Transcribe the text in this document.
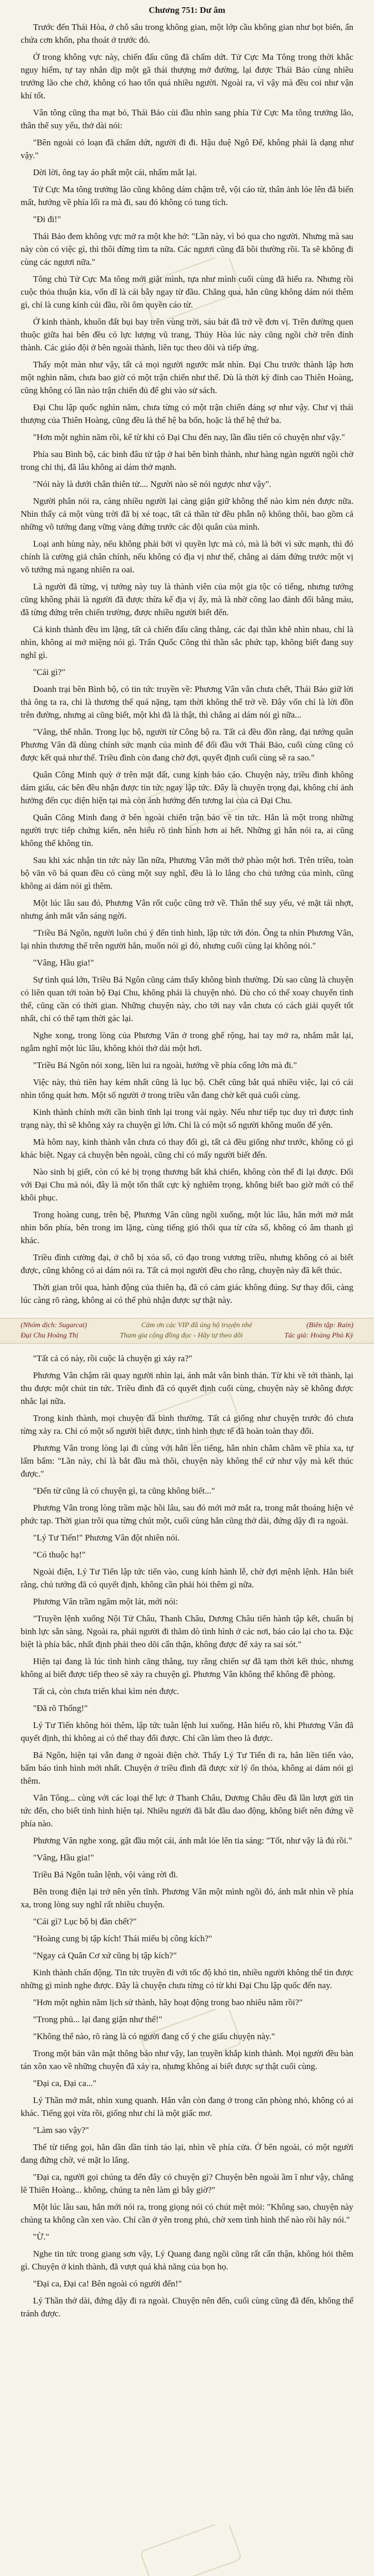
Chương 751: Dư âm

Trước đến Thái Hòa, ở chỗ sâu trong không gian, một lớp cầu không gian như bọt biển, ẩn chứa cơn khốn, pha thoát ở trước đó.

Ở trong không vực này, chiến đấu cũng đã chấm dứt. Tử Cực Ma Tông trong thời khắc nguy hiểm, tự tay nhân dịp một gã thái thượng mở đường, lại được Thái Bảo cùng nhiều trưởng lão che chở, không có hao tổn quá nhiều người. Ngoài ra, vì vậy mà đều coi như vận khí tốt.

Vân tông cũng tha mạt bỏ, Thái Bảo cùi đầu nhìn sang phía Tử Cực Ma tông trưởng lão, thân thể suy yếu, thở dài nói:

"Bên ngoài có loạn đã chấm dứt, người đi đi. Hậu duệ Ngô Đế, không phải là dạng như vậy."

Dời lời, ông tay áo phất một cái, nhấm mắt lại.

Tử Cực Ma tông trưởng lão cũng không dám chậm trễ, vội cáo từ, thân ảnh lóe lên đã biến mất, hướng về phía lối ra mà đi, sau đó không có tung tích.

"Đi đi!"

Thái Bảo đem không vực mở ra một khe hở: "Lần này, vì bỏ qua cho người. Nhưng mà sau này còn có việc gì, thì thôi đừng tìm ta nữa. Các ngươi cũng đã bồi thường rồi. Ta sẽ không đi cùng các ngươi nữa."

Tông chủ Tử Cực Ma tông mới giật mình, tựa như mình cuối cùng đã hiểu ra. Nhưng rồi cuộc thỏa thuận kia, vốn dĩ là cái bẫy ngay từ đầu. Chẳng qua, hắn cũng không dám nói thêm gì, chỉ là cung kính cúi đầu, rồi ôm quyền cáo từ.

Ở kinh thành, khuôn đất bụi bay trên vùng trời, sáu bát đã trở về đơn vị. Trên đường quen thuộc giữa hai bên đều có lực lượng vũ trang, Thủy Hòa lúc này cũng ngồi chờ trên đỉnh thành. Các giáo đội ở bên ngoài thành, liên tục theo dõi và tiếp ứng.

Thấy một màn như vậy, tất cả mọi người ngước mắt nhìn. Đại Chu trước thành lập hơn một nghìn năm, chưa bao giờ có một trận chiến như thế. Dù là thời kỳ đỉnh cao Thiên Hoàng, cũng không có lần nào trận chiến đủ để ghi vào sử sách.

Đại Chu lập quốc nghìn năm, chưa từng có một trận chiến đáng sợ như vậy. Chư vị thái thượng của Thiên Hoàng, cũng đều là thế hệ ba bốn, hoặc là thế hệ thứ ba.

"Hơn một nghìn năm rồi, kể từ khi có Đại Chu đến nay, lần đầu tiên có chuyện như vậy."

Phía sau Bình bộ, các binh đâu tử tập ở hai bên bình thành, như hàng ngàn người ngồi chờ trong chỉ thị, đã lâu không ai dám thở mạnh.

"Nói này là dưới chân thiên tử.... Người nào sẽ nói ngược như vậy".

Người phân nói ra, càng nhiều người lại càng giận giữ không thể nào kìm nén được nữa. Nhìn thấy cả một vùng trời đã bị xé toạc, tất cả thần tử đều phẫn nộ không thôi, bao gồm cả những võ tướng đang vững vàng đứng trước các đội quân của mình.

Loại anh hùng này, nếu không phải bởi vì quyền lực mà có, mà là bởi vì sức mạnh, thì đó chính là cường giả chân chính, nếu không có địa vị như thế, chẳng ai dám đứng trước một vị võ tướng mà ngang nhiên ra oai.

Là người đã từng, vị tướng này tuy là thành viên của một gia tộc có tiếng, nhưng tướng cũng không phải là người đã được thừa kế địa vị ấy, mà là nhờ công lao đánh đổi bằng máu, đã từng đứng trên chiến trường, được nhiều người biết đến.

Cả kinh thành đều im lặng, tất cả chiến đấu căng thẳng, các đại thần khẽ nhìn nhau, chỉ là nhìn, không ai mở miệng nói gì. Trấn Quốc Công thì thần sắc phức tạp, không biết đang suy nghĩ gì.

"Cái gì?"

Doanh trại bên Bình bộ, có tin tức truyền về: Phương Vân vẫn chưa chết, Thái Bảo giữ lời thả ông ta ra, chỉ là thương thế quá nặng, tạm thời không thể trở về. Đây vốn chỉ là lời đồn trên đường, nhưng ai cũng biết, một khi đã là thật, thì chẳng ai dám nói gì nữa...

"Vâng, thế nhân. Trong lục bộ, người từ Công bộ ra. Tất cả đều đồn rằng, đại tướng quân Phương Vân đã dùng chính sức mạnh của mình để đối đầu với Thái Bảo, cuối cùng cũng có được kết quả như thế. Triều đình còn đang chờ đợi, quyết định cuối cùng sẽ ra sao."

Quân Công Minh quỳ ở trên mặt đất, cung kính báo cáo. Chuyện này, triều đình không dám giấu, các bên đều nhận được tin tức ngay lập tức. Đây là chuyện trọng đại, không chỉ ảnh hưởng đến cục diện hiện tại mà còn ảnh hưởng đến tương lai của cả Đại Chu.

Quân Công Minh đang ở bên ngoài chiến trận báo về tin tức. Hắn là một trong những người trực tiếp chứng kiến, nên hiểu rõ tình hình hơn ai hết. Những gì hắn nói ra, ai cũng không thể không tin.

Sau khi xác nhận tin tức này lần nữa, Phương Vân mới thở phào một hơi. Trên triều, toàn bộ văn võ bá quan đều có cùng một suy nghĩ, đều là lo lắng cho chủ tướng của mình, cũng không ai dám nói gì thêm.

Một lúc lâu sau đó, Phương Vân rốt cuộc cũng trở về. Thân thể suy yếu, vẻ mặt tái nhợt, nhưng ánh mắt vẫn sáng ngời.

"Triều Bá Ngôn, người luôn chú ý đến tình hình, lập tức tới đón. Ông ta nhìn Phương Vân, lại nhìn thương thế trên người hắn, muốn nói gì đó, nhưng cuối cùng lại không nói."

"Vâng, Hầu gia!"

Sự tình quá lớn, Triều Bá Ngôn cũng cảm thấy không bình thường. Dù sao cũng là chuyện có liên quan tới toàn bộ Đại Chu, không phải là chuyện nhỏ. Dù cho có thể xoay chuyển tình thế, cũng cần có thời gian. Những chuyện này, cho tới nay vẫn chưa có cách giải quyết tốt nhất, chỉ có thể tạm thời gác lại.

Nghe xong, trong lòng của Phương Vân ở trong ghế rộng, hai tay mở ra, nhắm mắt lại, ngẫm nghĩ một lúc lâu, không khỏi thở dài một hơi.

"Triều Bá Ngôn nói xong, liền lui ra ngoài, hướng về phía cổng lớn mà đi."

Việc này, thủ tiên hay kém nhất cũng là lục bộ. Chết cũng bắt quá nhiều việc, lại có cái nhìn tổng quát hơn. Một số người ở trong triều vẫn đang chờ kết quả cuối cùng.

Kinh thành chính mới cần bình tĩnh lại trong vài ngày. Nếu như tiếp tục duy trì được tình trạng này, thì sẽ không xảy ra chuyện gì lớn. Chỉ là có một số người không muốn để yên.

Mà hôm nay, kinh thành vẫn chưa có thay đổi gì, tất cả đều giống như trước, không có gì khác biệt. Ngay cả chuyện bên ngoài, cũng chỉ có mấy người biết đến.

Nào sinh bị giết, còn có kẻ bị trọng thương bất khả chiến, không còn thể đi lại được. Đối với Đại Chu mà nói, đây là một tổn thất cực kỳ nghiêm trọng, không biết bao giờ mới có thể khôi phục.

Trong hoàng cung, trên bệ, Phương Vân cũng ngồi xuống, một lúc lâu, hắn mới mở mắt nhìn bốn phía, bên trong im lặng, cùng tiếng gió thổi qua từ cửa sổ, không có âm thanh gì khác.

Triều đình cường đại, ở chỗ bị xóa sổ, có đạo trong vương triều, nhưng không có ai biết được, cũng không có ai dám nói ra. Tất cả mọi người đều cho rằng, chuyện này đã kết thúc.

Thời gian trôi qua, hành động của thiên hạ, đã có cảm giác không đúng. Sự thay đổi, càng lúc càng rõ ràng, không ai có thể phủ nhận được sự thật này.

(Nhóm dịch: Sugarcat)	Cám ơn các VIP đã ủng hộ truyện nhé	(Biên tập: Rain)
Đại Chu Hoàng Thị	Tham gia cộng đồng đọc - Hãy tự theo dõi	Tác giả: Hoàng Phủ Kỳ

"Tất cả có này, rồi cuộc là chuyện gì xảy ra?"

Phương Vân chậm rãi quay người nhìn lại, ánh mắt vẫn bình thản. Từ khi về tới thành, lại thu được một chút tin tức. Triều đình đã có quyết định cuối cùng, chuyện này sẽ không được nhắc lại nữa.

Trong kinh thành, mọi chuyện đã bình thường. Tất cả giống như chuyện trước đó chưa từng xảy ra. Chỉ có một số người biết được, tình hình thực tế đã hoàn toàn thay đổi.

Phương Vân trong lòng lại đi cùng với hắn lên tiếng, hắn nhìn chằm chằm về phía xa, tự lẩm bẩm: "Lần này, chỉ là bắt đầu mà thôi, chuyện này không thể cứ như vậy mà kết thúc được."

"Đến từ cũng là có chuyện gì, ta cũng không biết..."

Phương Vân trong lòng trầm mặc hồi lâu, sau đó mới mở mắt ra, trong mắt thoáng hiện vẻ phức tạp. Thời gian trôi qua từng chút một, cuối cùng hắn cũng thở dài, đứng dậy đi ra ngoài.

"Lý Tư Tiến!" Phương Vân đột nhiên nói.

"Có thuộc hạ!"

Ngoài điện, Lý Tư Tiến lập tức tiến vào, cung kính hành lễ, chờ đợi mệnh lệnh. Hắn biết rằng, chủ tướng đã có quyết định, không cần phải hỏi thêm gì nữa.

Phương Vân trầm ngâm một lát, mới nói:

"Truyền lệnh xuống Nội Tử Châu, Thanh Châu, Dương Châu tiến hành tập kết, chuẩn bị binh lực sẵn sàng. Ngoài ra, phái người đi thăm dò tình hình ở các nơi, báo cáo lại cho ta. Đặc biệt là phía bắc, nhất định phải theo dõi cẩn thận, không được để xảy ra sai sót."

Hiện tại đang là lúc tình hình căng thẳng, tuy rằng chiến sự đã tạm thời kết thúc, nhưng không ai biết được tiếp theo sẽ xảy ra chuyện gì. Phương Vân không thể không đề phòng.

Tất cả, còn chưa triển khai kìm nén được.

"Đã rõ Thống!"

Lý Tư Tiến không hỏi thêm, lập tức tuân lệnh lui xuống. Hắn hiểu rõ, khi Phương Vân đã quyết định, thì không ai có thể thay đổi được. Chỉ cần làm theo là được.

Bá Ngôn, hiện tại vẫn đang ở ngoài điện chờ. Thấy Lý Tư Tiến đi ra, hắn liền tiến vào, bẩm báo tình hình mới nhất. Chuyện ở triều đình đã được xử lý ổn thỏa, không ai dám nói gì thêm.

Vân Tông... cùng với các loại thế lực ở Thanh Châu, Dương Châu đều đã lần lượt gửi tin tức đến, cho biết tình hình hiện tại. Nhiều người đã bắt đầu dao động, không biết nên đứng về phía nào.

Phương Vân nghe xong, gật đầu một cái, ánh mắt lóe lên tia sáng: "Tốt, như vậy là đủ rồi."

"Vâng, Hầu gia!"

Triều Bá Ngôn tuân lệnh, vội vàng rời đi.

Bên trong điện lại trở nên yên tĩnh. Phương Vân một mình ngồi đó, ánh mắt nhìn về phía xa, trong lòng suy nghĩ rất nhiều chuyện.

"Cái gì? Lục bộ bị đàn chết?"

"Hoàng cung bị tập kích! Thái miếu bị công kích?"

"Ngay cả Quân Cơ xứ cũng bị tập kích?"

Kinh thành chấn động. Tin tức truyền đi với tốc độ khó tin, nhiều người không thể tin được những gì mình nghe được. Đây là chuyện chưa từng có từ khi Đại Chu lập quốc đến nay.

"Hơn một nghìn năm lịch sử thành, hãy hoạt động trong bao nhiêu năm rồi?"

"Trong phủ... lại đang giận như thế!"

"Không thể nào, rõ ràng là có người đang cố ý che giấu chuyện này."

Trong một bản văn mật thông báo như vậy, lan truyền khắp kinh thành. Mọi người đều bàn tán xôn xao về những chuyện đã xảy ra, nhưng không ai biết được sự thật cuối cùng.

"Đại ca, Đại ca..."

Lý Thần mở mắt, nhìn xung quanh. Hắn vẫn còn đang ở trong căn phòng nhỏ, không có ai khác. Tiếng gọi vừa rồi, giống như chỉ là một giấc mơ.

"Làm sao vậy?"

Thể từ tiếng gọi, hắn dần dần tỉnh táo lại, nhìn về phía cửa. Ở bên ngoài, có một người đang đứng chờ, vẻ mặt lo lắng.

"Đại ca, người gọi chúng ta đến đây có chuyện gì? Chuyện bên ngoài ầm ĩ như vậy, chẳng lẽ Thiên Hoàng... không, chúng ta nên làm gì bây giờ?"

Một lúc lâu sau, hắn mới nói ra, trong giọng nói có chút mệt mỏi: "Không sao, chuyện này chúng ta không cần xen vào. Chỉ cần ở yên trong phủ, chờ xem tình hình thế nào rồi hãy nói."

"Ừ."

Nghe tin tức trong giang sơn vậy, Lý Quang đang ngồi cũng rất cẩn thận, không hỏi thêm gì. Chuyện ở kinh thành, đã vượt quá khả năng của bọn họ.

"Đại ca, Đại ca! Bên ngoài có người đến!"

Lý Thần thở dài, đứng dậy đi ra ngoài. Chuyện nên đến, cuối cùng cũng đã đến, không thể tránh được.
